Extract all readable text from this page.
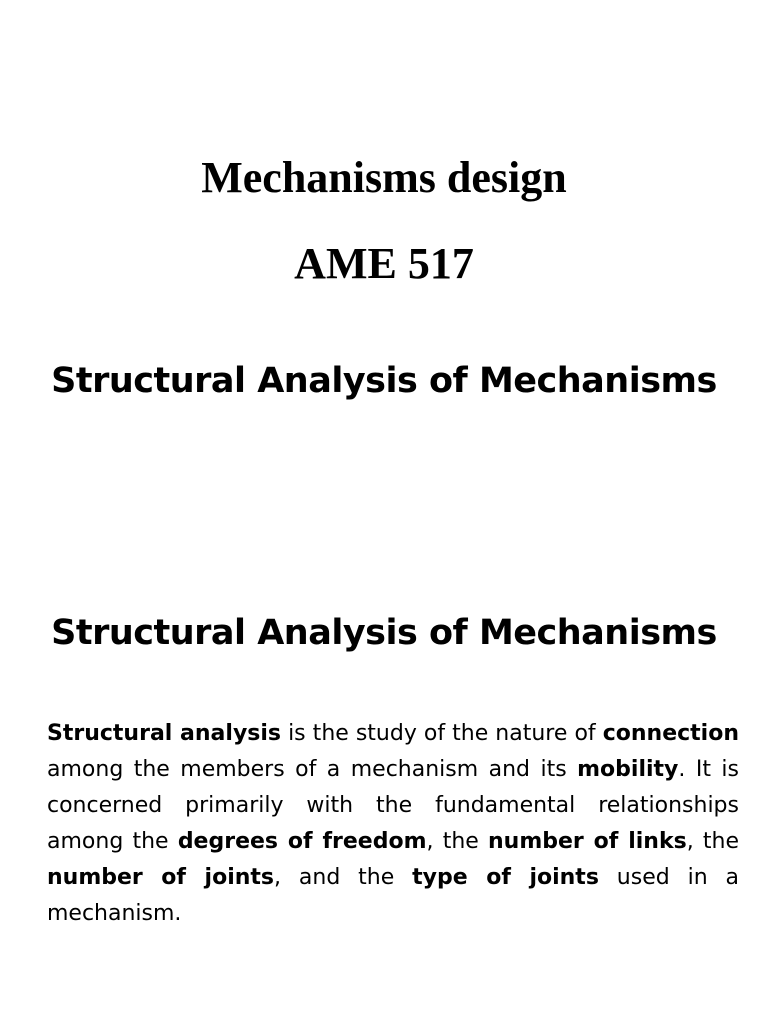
Mechanisms design
AME 517
Structural Analysis of Mechanisms
Structural Analysis of Mechanisms

Structural analysis is the study of the nature of connection among the members of a mechanism and its mobility. It is concerned primarily with the fundamental relationships among the degrees of freedom, the number of links, the number of joints, and the type of joints used in a mechanism.
